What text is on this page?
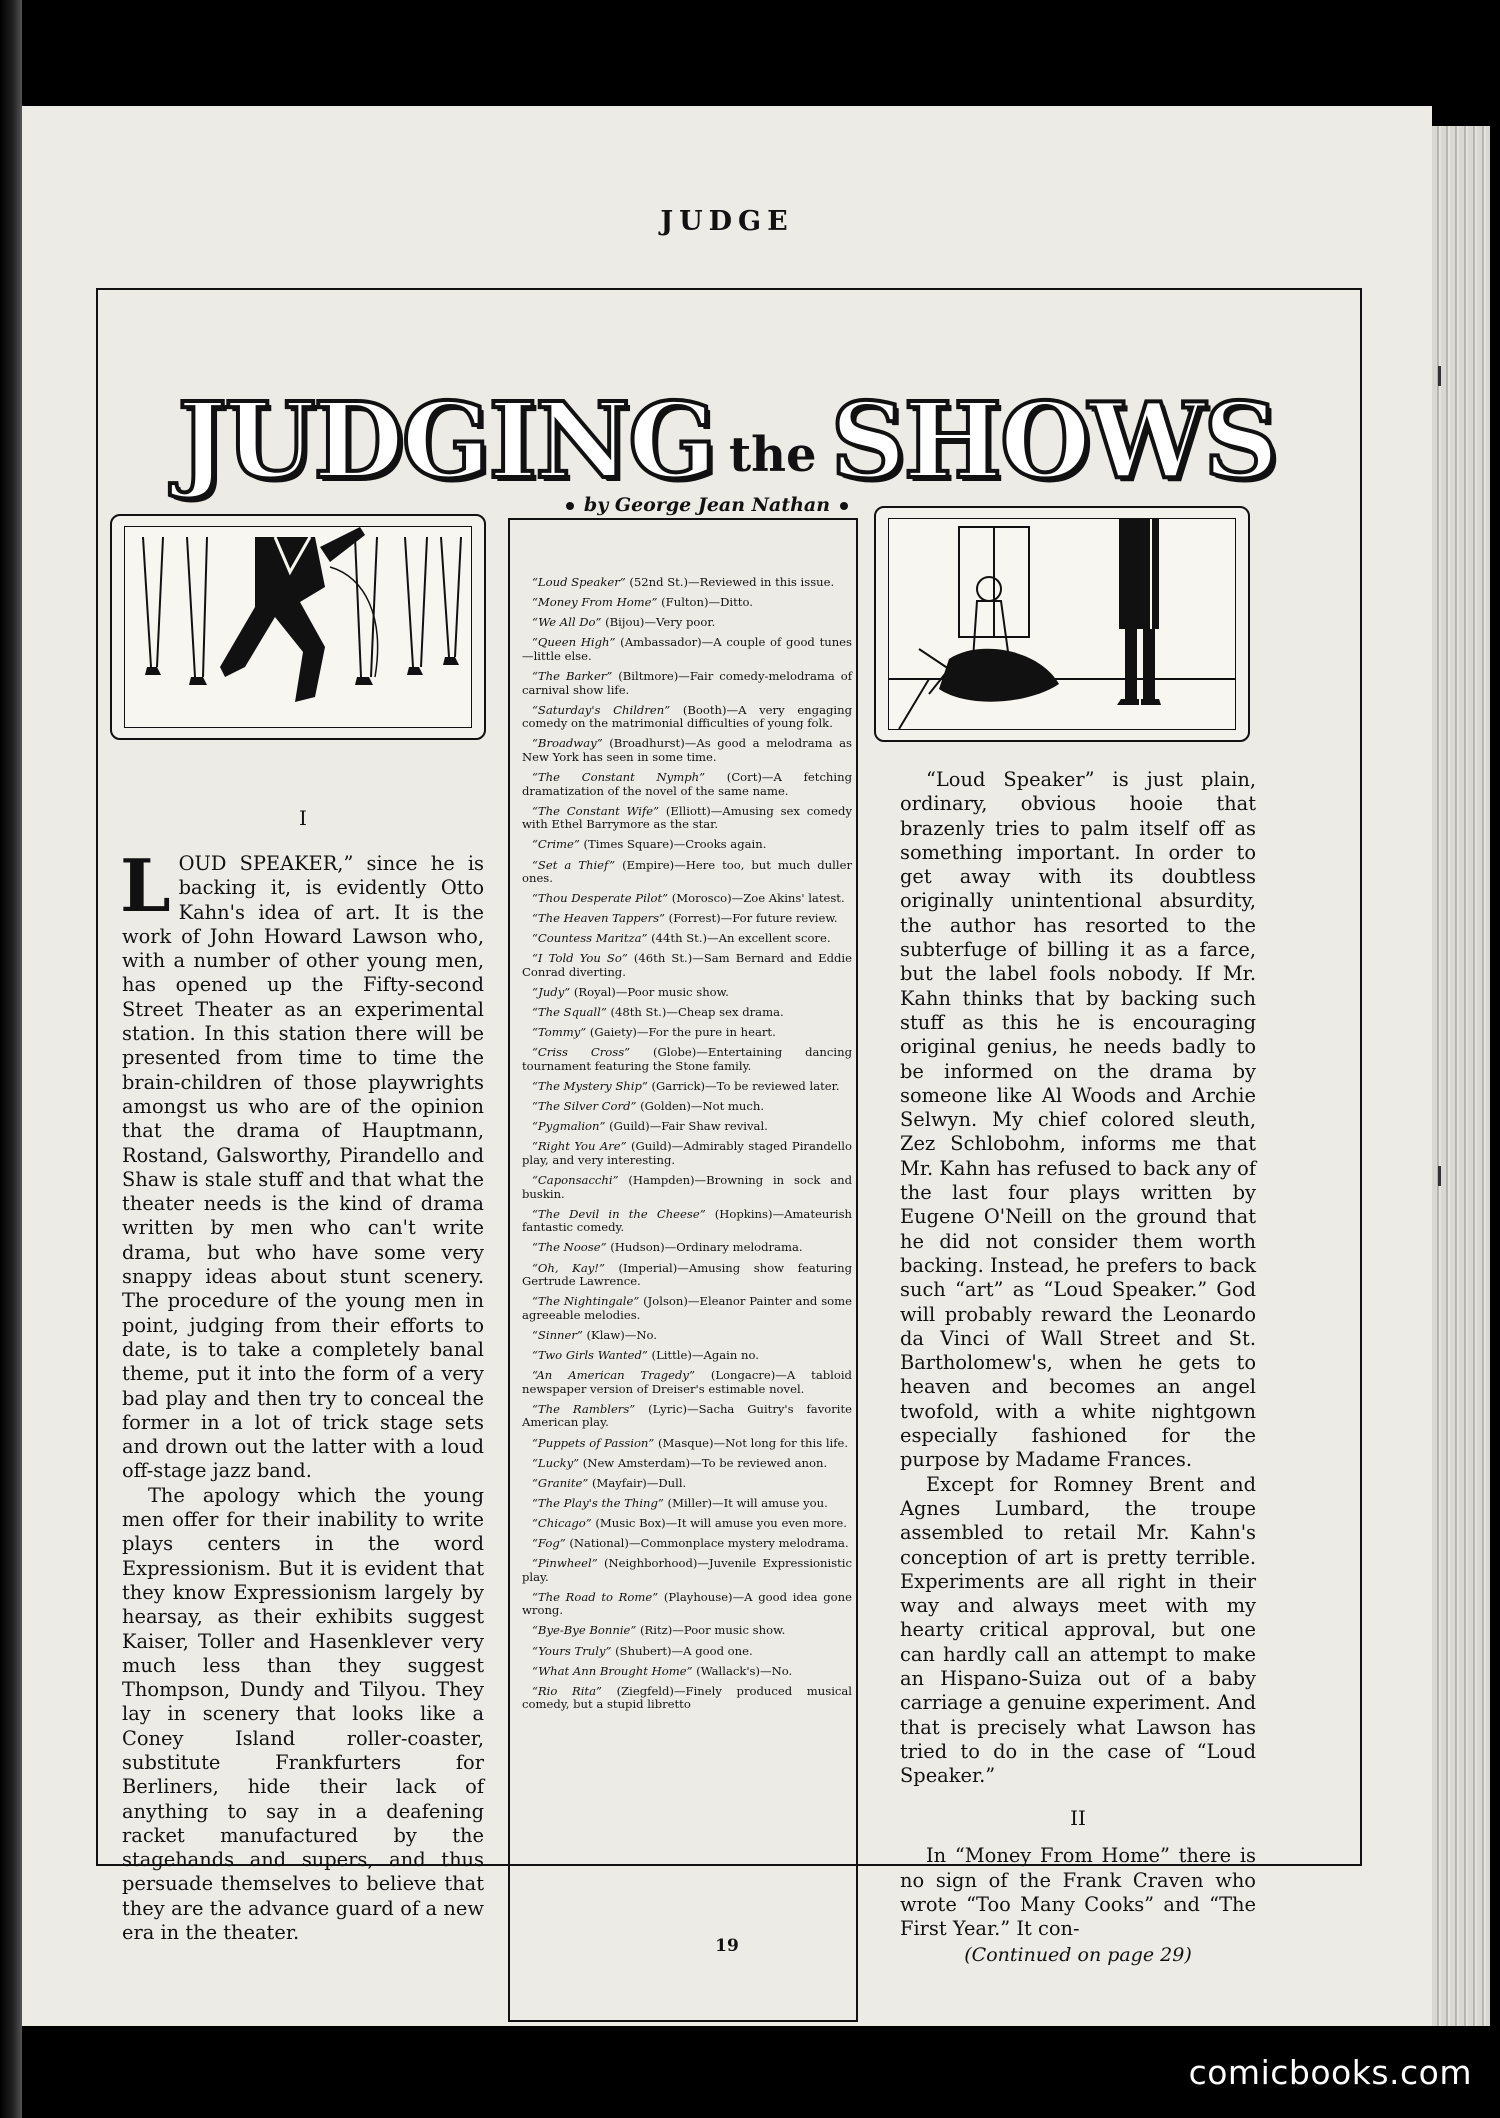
JUDGE
JUDGING the SHOWS
by George Jean Nathan

“Loud Speaker” (52nd St.)—Reviewed in this issue.

“Money From Home” (Fulton)—Ditto.

“We All Do” (Bijou)—Very poor.

“Queen High” (Ambassador)—A couple of good tunes—little else.

“The Barker” (Biltmore)—Fair comedy-melodrama of carnival show life.

“Saturday's Children” (Booth)—A very engaging comedy on the matrimonial difficulties of young folk.

“Broadway” (Broadhurst)—As good a melodrama as New York has seen in some time.

“The Constant Nymph” (Cort)—A fetching dramatization of the novel of the same name.

“The Constant Wife” (Elliott)—Amusing sex comedy with Ethel Barrymore as the star.

“Crime” (Times Square)—Crooks again.

“Set a Thief” (Empire)—Here too, but much duller ones.

“Thou Desperate Pilot” (Morosco)—Zoe Akins' latest.

“The Heaven Tappers” (Forrest)—For future review.

“Countess Maritza” (44th St.)—An excellent score.

“I Told You So” (46th St.)—Sam Bernard and Eddie Conrad diverting.

“Judy” (Royal)—Poor music show.

“The Squall” (48th St.)—Cheap sex drama.

“Tommy” (Gaiety)—For the pure in heart.

“Criss Cross” (Globe)—Entertaining dancing tournament featuring the Stone family.

“The Mystery Ship” (Garrick)—To be reviewed later.

“The Silver Cord” (Golden)—Not much.

“Pygmalion” (Guild)—Fair Shaw revival.

“Right You Are” (Guild)—Admirably staged Pirandello play, and very interesting.

“Caponsacchi” (Hampden)—Browning in sock and buskin.

“The Devil in the Cheese” (Hopkins)—Amateurish fantastic comedy.

“The Noose” (Hudson)—Ordinary melodrama.

“Oh, Kay!” (Imperial)—Amusing show featuring Gertrude Lawrence.

“The Nightingale” (Jolson)—Eleanor Painter and some agreeable melodies.

“Sinner” (Klaw)—No.

“Two Girls Wanted” (Little)—Again no.

“An American Tragedy” (Longacre)—A tabloid newspaper version of Dreiser's estimable novel.

“The Ramblers” (Lyric)—Sacha Guitry's favorite American play.

“Puppets of Passion” (Masque)—Not long for this life.

“Lucky” (New Amsterdam)—To be reviewed anon.

“Granite” (Mayfair)—Dull.

“The Play's the Thing” (Miller)—It will amuse you.

“Chicago” (Music Box)—It will amuse you even more.

“Fog” (National)—Commonplace mystery melodrama.

“Pinwheel” (Neighborhood)—Juvenile Expressionistic play.

“The Road to Rome” (Playhouse)—A good idea gone wrong.

“Bye-Bye Bonnie” (Ritz)—Poor music show.

“Yours Truly” (Shubert)—A good one.

“What Ann Brought Home” (Wallack's)—No.

“Rio Rita” (Ziegfeld)—Finely produced musical comedy, but a stupid libretto

I

LOUD SPEAKER,” since he is backing it, is evidently Otto Kahn's idea of art. It is the work of John Howard Lawson who, with a number of other young men, has opened up the Fifty-second Street Theater as an experimental station. In this station there will be presented from time to time the brain-children of those playwrights amongst us who are of the opinion that the drama of Hauptmann, Rostand, Galsworthy, Pirandello and Shaw is stale stuff and that what the theater needs is the kind of drama written by men who can't write drama, but who have some very snappy ideas about stunt scenery. The procedure of the young men in point, judging from their efforts to date, is to take a completely banal theme, put it into the form of a very bad play and then try to conceal the former in a lot of trick stage sets and drown out the latter with a loud off-stage jazz band.

The apology which the young men offer for their inability to write plays centers in the word Expressionism. But it is evident that they know Expressionism largely by hearsay, as their exhibits suggest Kaiser, Toller and Hasenklever very much less than they suggest Thompson, Dundy and Tilyou. They lay in scenery that looks like a Coney Island roller-coaster, substitute Frankfurters for Berliners, hide their lack of anything to say in a deafening racket manufactured by the stagehands and supers, and thus persuade themselves to believe that they are the advance guard of a new era in the theater.

“Loud Speaker” is just plain, ordinary, obvious hooie that brazenly tries to palm itself off as something important. In order to get away with its doubtless originally unintentional absurdity, the author has resorted to the subterfuge of billing it as a farce, but the label fools nobody. If Mr. Kahn thinks that by backing such stuff as this he is encouraging original genius, he needs badly to be informed on the drama by someone like Al Woods and Archie Selwyn. My chief colored sleuth, Zez Schlobohm, informs me that Mr. Kahn has refused to back any of the last four plays written by Eugene O'Neill on the ground that he did not consider them worth backing. Instead, he prefers to back such “art” as “Loud Speaker.” God will probably reward the Leonardo da Vinci of Wall Street and St. Bartholomew's, when he gets to heaven and becomes an angel twofold, with a white nightgown especially fashioned for the purpose by Madame Frances.

Except for Romney Brent and Agnes Lumbard, the troupe assembled to retail Mr. Kahn's conception of art is pretty terrible. Experiments are all right in their way and always meet with my hearty critical approval, but one can hardly call an attempt to make an Hispano-Suiza out of a baby carriage a genuine experiment. And that is precisely what Lawson has tried to do in the case of “Loud Speaker.”

II

In “Money From Home” there is no sign of the Frank Craven who wrote “Too Many Cooks” and “The First Year.” It con-

(Continued on page 29)
19
comicbooks.com
